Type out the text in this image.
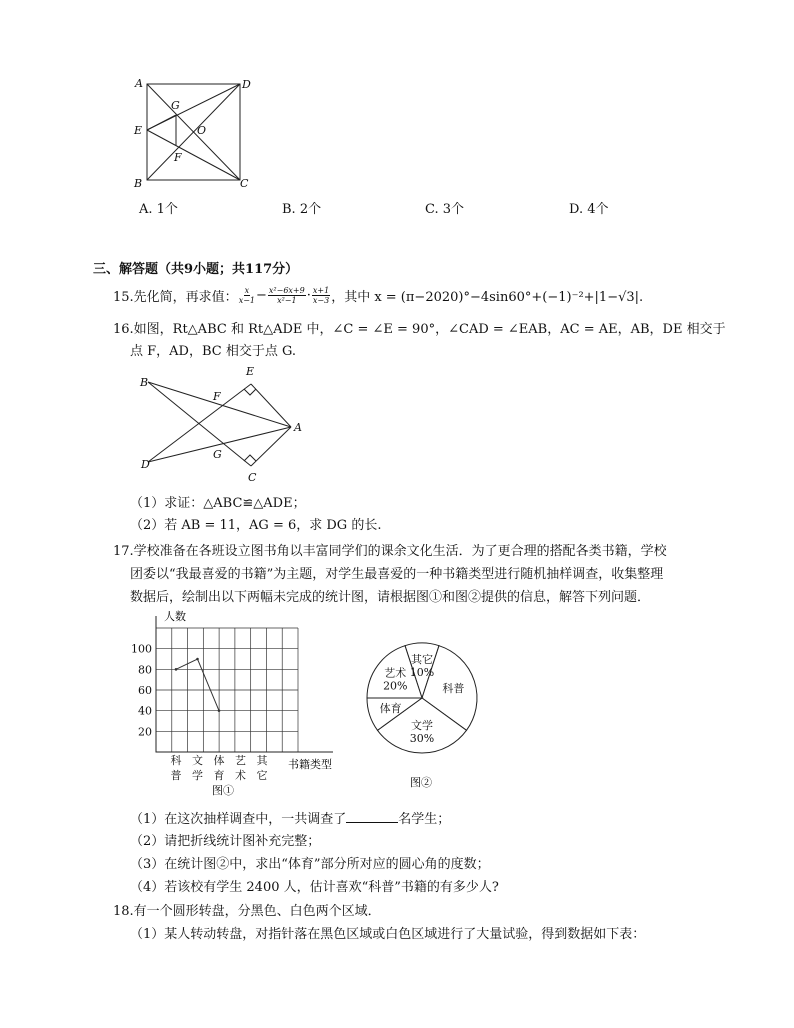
A	D
G
E	O
F
B	C
A. 1个	B. 2个	C. 3个	D. 4个
三、解答题（共9小题；共117分）
15.先化简，再求值： $\frac{x}{x-1} - \frac{\text{x²−6x+9}}{\text{x²−1}} \cdot \frac{x+1}{x-3}$ ，其中 x = (π−2020)°−4sin60°+(−1)⁻²+|1−√3|.
16.如图，Rt△ABC 和 Rt△ADE 中，∠C = ∠E = 90°，∠CAD = ∠EAB，AC = AE，AB，DE 相交于
点 F，AD，BC 相交于点 G.
B
E
F
A
D
G
C
（1）求证：△ABC≌△ADE；
（2）若 AB = 11，AG = 6，求 DG 的长.
17.学校准备在各班设立图书角以丰富同学们的课余文化生活．为了更合理的搭配各类书籍，学校
团委以“我最喜爱的书籍”为主题，对学生最喜爱的一种书籍类型进行随机抽样调查，收集整理
数据后，绘制出以下两幅未完成的统计图，请根据图①和图②提供的信息，解答下列问题．
人数
书籍类型
20
40
60
80
100
科
普
文
学
体
育
艺
术
其
它
图①
其它
10%
科普
文学
30%
体育
艺术
20%
图②
（1）在这次抽样调查中，一共调查了	名学生；
（2）请把折线统计图补充完整；
（3）在统计图②中，求出“体育”部分所对应的圆心角的度数；
（4）若该校有学生 2400 人，估计喜欢“科普”书籍的有多少人?
18.有一个圆形转盘，分黑色、白色两个区域．
（1）某人转动转盘，对指针落在黑色区域或白色区域进行了大量试验，得到数据如下表：
